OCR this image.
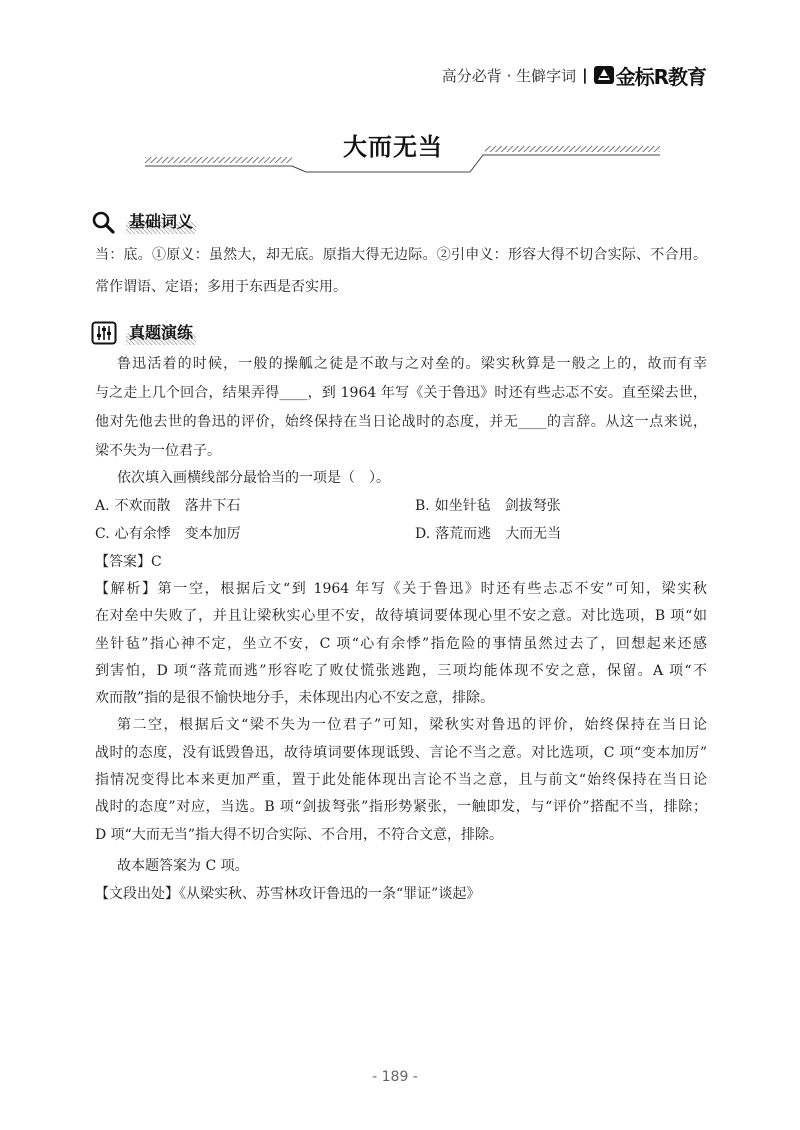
高分必背 · 生僻字词 | 金标R教育
大而无当
基础词义
当：底。①原义：虽然大，却无底。原指大得无边际。②引申义：形容大得不切合实际、不合用。
常作谓语、定语；多用于东西是否实用。
真题演练
鲁迅活着的时候，一般的操觚之徒是不敢与之对垒的。梁实秋算是一般之上的，故而有幸
与之走上几个回合，结果弄得____，到 1964 年写《关于鲁迅》时还有些忐忑不安。直至梁去世，
他对先他去世的鲁迅的评价，始终保持在当日论战时的态度，并无____的言辞。从这一点来说，
梁不失为一位君子。
依次填入画横线部分最恰当的一项是（　）。
A. 不欢而散 落井下石	B. 如坐针毡 剑拔弩张
C. 心有余悸 变本加厉	D. 落荒而逃 大而无当
【答案】C
【解析】第一空，根据后文“到 1964 年写《关于鲁迅》时还有些忐忑不安”可知，梁实秋
在对垒中失败了，并且让梁秋实心里不安，故待填词要体现心里不安之意。对比选项，B 项“如
坐针毡”指心神不定，坐立不安，C 项“心有余悸”指危险的事情虽然过去了，回想起来还感
到害怕，D 项“落荒而逃”形容吃了败仗慌张逃跑，三项均能体现不安之意，保留。A 项“不
欢而散”指的是很不愉快地分手，未体现出内心不安之意，排除。
第二空，根据后文“梁不失为一位君子”可知，梁秋实对鲁迅的评价，始终保持在当日论
战时的态度，没有诋毁鲁迅，故待填词要体现诋毁、言论不当之意。对比选项，C 项“变本加厉”
指情况变得比本来更加严重，置于此处能体现出言论不当之意，且与前文“始终保持在当日论
战时的态度”对应，当选。B 项“剑拔弩张”指形势紧张，一触即发，与“评价”搭配不当，排除；
D 项“大而无当”指大得不切合实际、不合用，不符合文意，排除。
故本题答案为 C 项。
【文段出处】《从梁实秋、苏雪林攻讦鲁迅的一条“罪证”谈起》
- 189 -
